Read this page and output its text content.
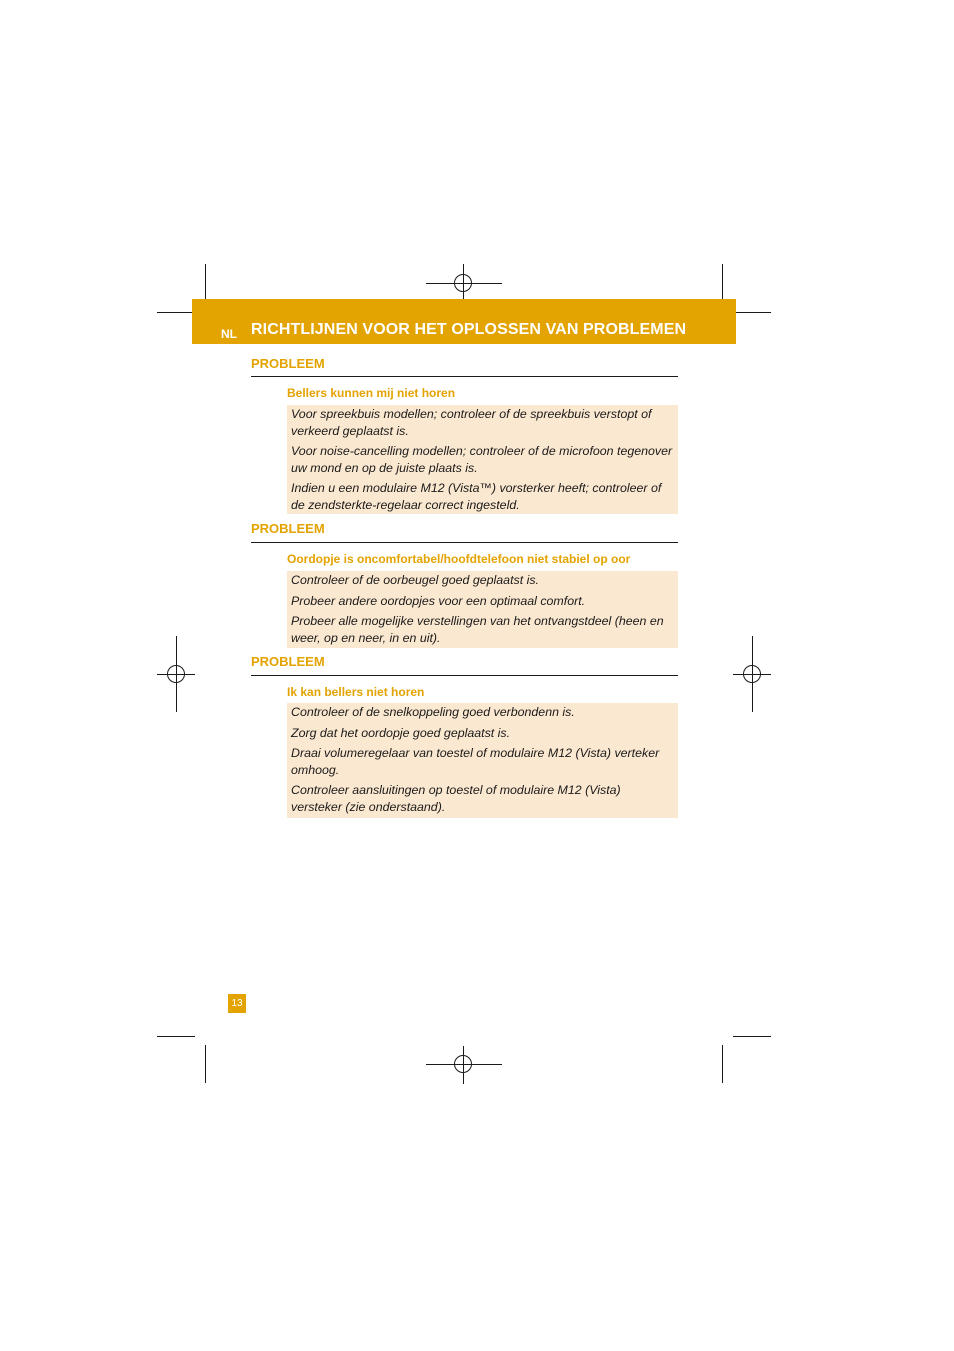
NL RICHTLIJNEN VOOR HET OPLOSSEN VAN PROBLEMEN
PROBLEEM
Bellers kunnen mij niet horen

Voor spreekbuis modellen; controleer of de spreekbuis verstopt of verkeerd geplaatst is.

Voor noise-cancelling modellen; controleer of de microfoon tegenover uw mond en op de juiste plaats is.

Indien u een modulaire M12 (Vista™) vorsterker heeft; controleer of de zendsterkte-regelaar correct ingesteld.

PROBLEEM
Oordopje is oncomfortabel/hoofdtelefoon niet stabiel op oor

Controleer of de oorbeugel goed geplaatst is.

Probeer andere oordopjes voor een optimaal comfort.

Probeer alle mogelijke verstellingen van het ontvangstdeel (heen en weer, op en neer, in en uit).

PROBLEEM
Ik kan bellers niet horen

Controleer of de snelkoppeling goed verbondenn is.

Zorg dat het oordopje goed geplaatst is.

Draai volumeregelaar van toestel of modulaire M12 (Vista) verteker omhoog.

Controleer aansluitingen op toestel of modulaire M12 (Vista) versteker (zie onderstaand).

13
